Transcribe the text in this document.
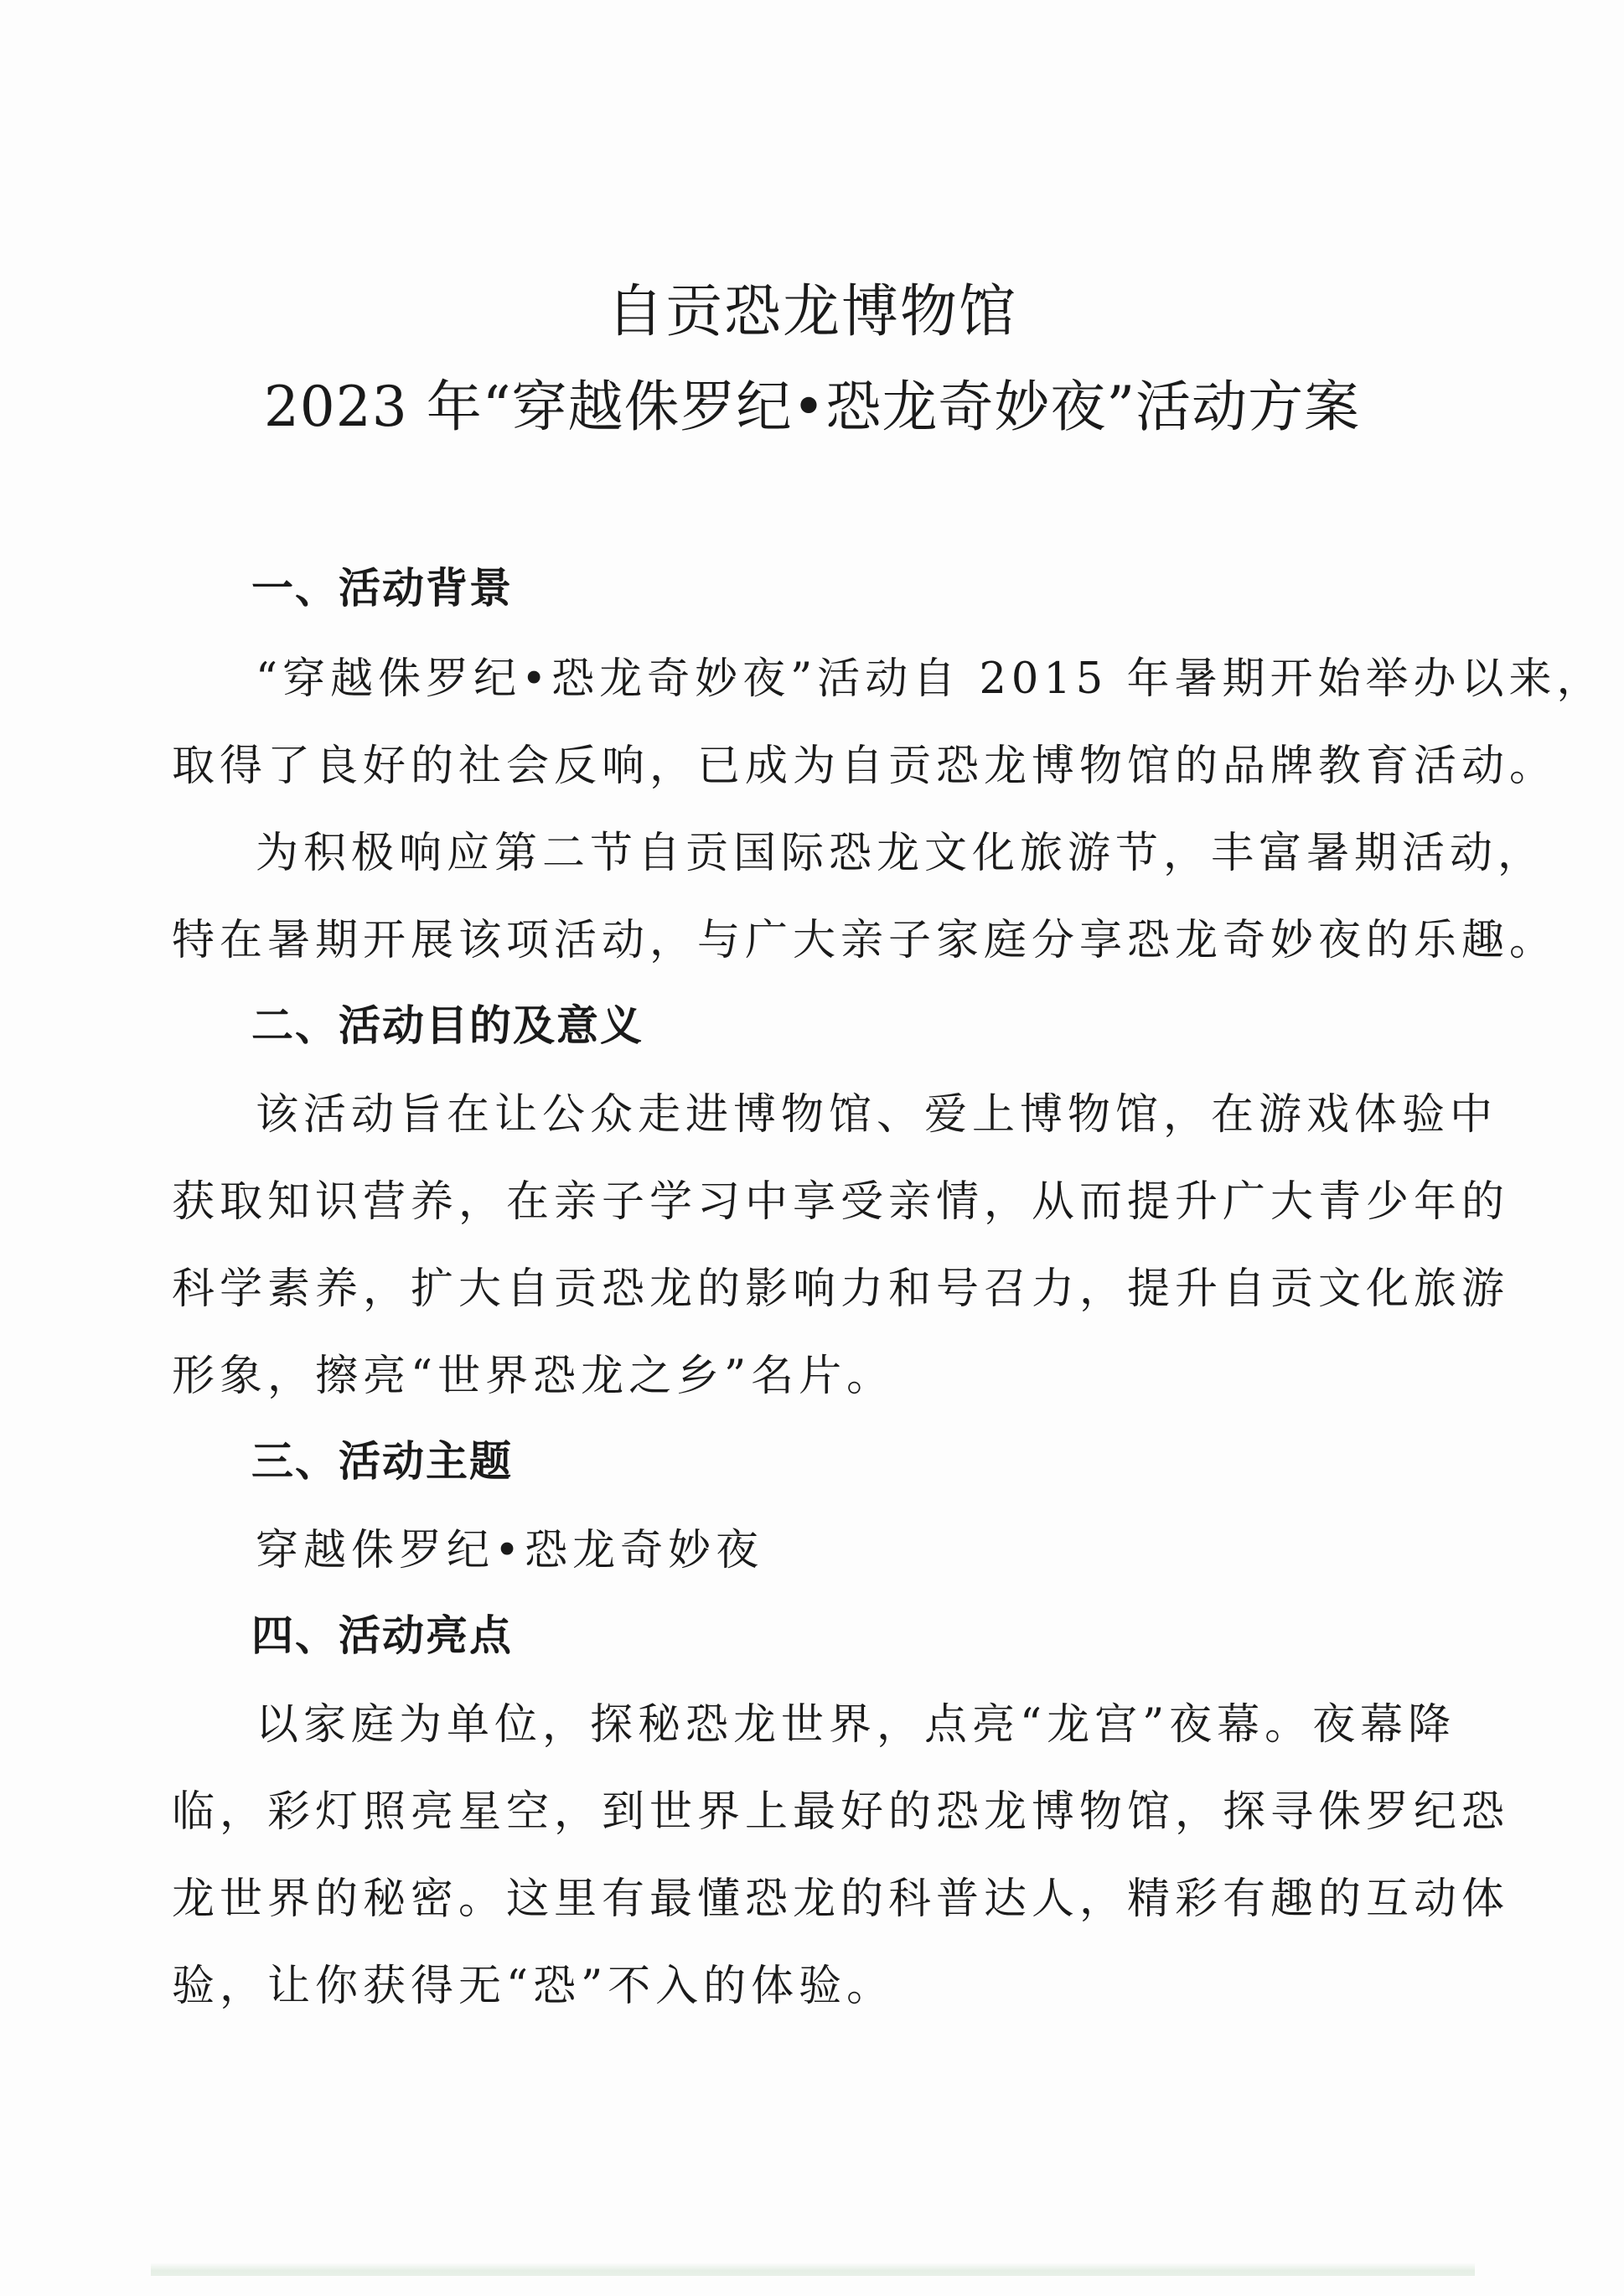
自贡恐龙博物馆
2023 年“穿越侏罗纪•恐龙奇妙夜”活动方案
一、活动背景
“穿越侏罗纪•恐龙奇妙夜”活动自 2015 年暑期开始举办以来，
取得了良好的社会反响，已成为自贡恐龙博物馆的品牌教育活动。
为积极响应第二节自贡国际恐龙文化旅游节，丰富暑期活动，
特在暑期开展该项活动，与广大亲子家庭分享恐龙奇妙夜的乐趣。
二、活动目的及意义
该活动旨在让公众走进博物馆、爱上博物馆，在游戏体验中
获取知识营养，在亲子学习中享受亲情，从而提升广大青少年的
科学素养，扩大自贡恐龙的影响力和号召力，提升自贡文化旅游
形象，擦亮“世界恐龙之乡”名片。
三、活动主题
穿越侏罗纪•恐龙奇妙夜
四、活动亮点
以家庭为单位，探秘恐龙世界，点亮“龙宫”夜幕。夜幕降
临，彩灯照亮星空，到世界上最好的恐龙博物馆，探寻侏罗纪恐
龙世界的秘密。这里有最懂恐龙的科普达人，精彩有趣的互动体
验，让你获得无“恐”不入的体验。
